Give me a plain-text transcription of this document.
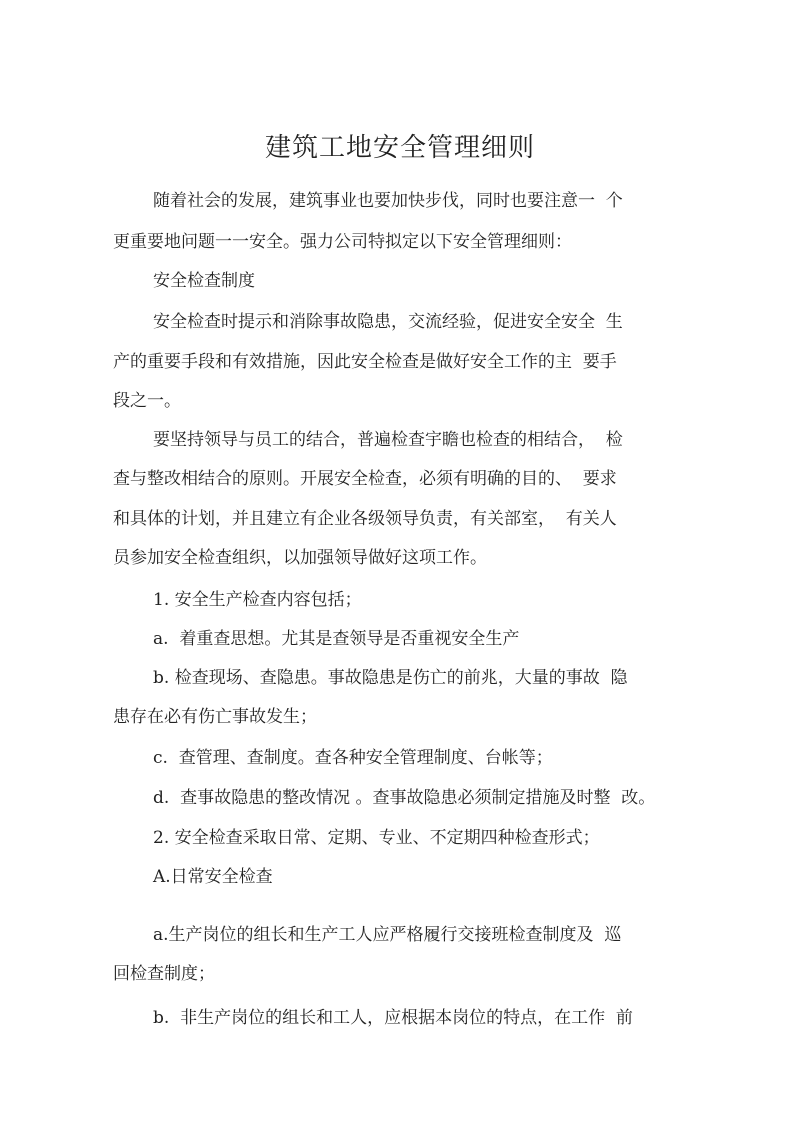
建筑工地安全管理细则

随着社会的发展，建筑事业也要加快步伐，同时也要注意一  个

更重要地问题一一安全。强力公司特拟定以下安全管理细则：

安全检查制度

安全检查时提示和消除事故隐患，交流经验，促进安全安全  生

产的重要手段和有效措施，因此安全检查是做好安全工作的主  要手

段之一。

要坚持领导与员工的结合，普遍检查宇瞻也检查的相结合，  检

查与整改相结合的原则。开展安全检查，必须有明确的目的、  要求

和具体的计划，并且建立有企业各级领导负责，有关部室，  有关人

员参加安全检查组织，以加强领导做好这项工作。

1. 安全生产检查内容包括；

a.  着重查思想。尤其是查领导是否重视安全生产

b. 检查现场、查隐患。事故隐患是伤亡的前兆，大量的事故  隐

患存在必有伤亡事故发生；

c.  查管理、查制度。查各种安全管理制度、台帐等；

d.  查事故隐患的整改情况 。查事故隐患必须制定措施及时整  改。

2. 安全检查采取日常、定期、专业、不定期四种检查形式；

A.日常安全检查

a.生产岗位的组长和生产工人应严格履行交接班检查制度及  巡

回检查制度；

b.  非生产岗位的组长和工人，应根据本岗位的特点，在工作  前
